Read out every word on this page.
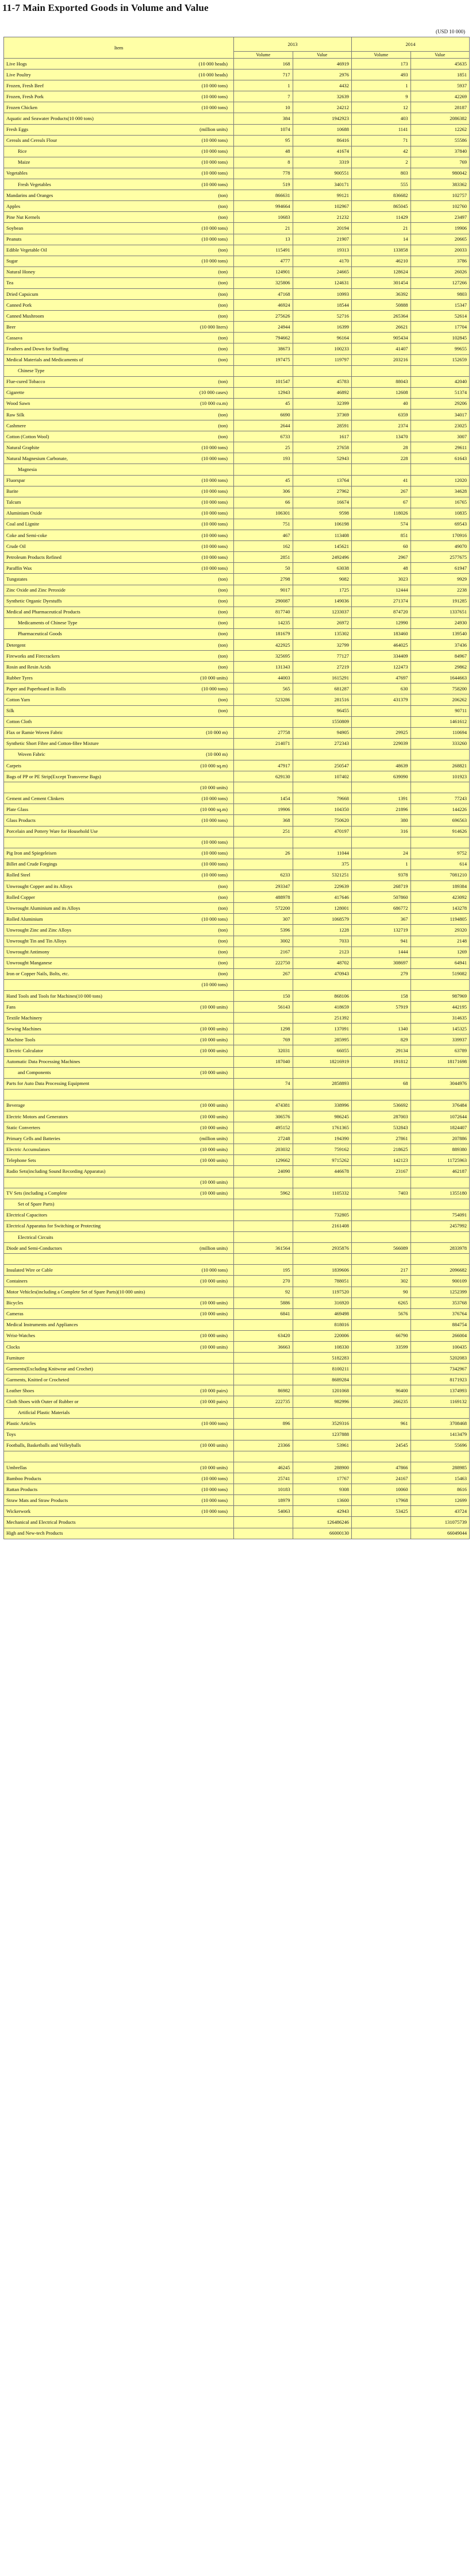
11-7 Main Exported Goods in Volume and Value
(USD 10 000)
Item	2013		2014	
	Volume	Value	Volume	Value
Live Hogs (10 000 heads)	168	46919	173	45635
Live Poultry (10 000 heads)	717	2976	493	1851
Frozen, Fresh Beef (10 000 tons)	1	4432	1	5937
Frozen, Fresh Pork (10 000 tons)	7	32639	9	42269
Frozen Chicken (10 000 tons)	10	24212	12	28187
Aquatic and Seawater Products(10 000 tons)	384	1942923	403	2086382
Fresh Eggs (million units)	1074	10688	1141	12262
Cereals and Cereals Flour (10 000 tons)	95	86416	71	55586
Rice (10 000 tons)	48	41674	42	37840
Maize (10 000 tons)	8	3319	2	769
Vegetables (10 000 tons)	778	900551	803	980042
Fresh Vegetables (10 000 tons)	519	340171	555	383362
Mandarins and Oranges (ton)	866631	99121	836682	102757
Apples (ton)	994664	102967	865045	102760
Pine Nut Kernels (ton)	10683	21232	11429	23497
Soybean (10 000 tons)	21	20194	21	19906
Peanuts (10 000 tons)	13	21907	14	20665
Edible Vegetable Oil (ton)	115491	19313	133858	20033
Sugar (10 000 tons)	4777	4170	46210	3786
Natural Honey (ton)	124901	24665	128624	26026
Tea (ton)	325806	124631	301454	127266
Dried Capsicum (ton)	47168	10993	36392	9803
Canned Pork (ton)	46924	18544	50888	15347
Canned Mushroom (ton)	275626	52716	265364	52614
Beer (10 000 liters)	24944	16399	26621	17704
Cassava (ton)	794662	96164	905434	102845
Feathers and Down for Stuffing (ton)	38673	100233	41407	99655
Medical Materials and Medicaments of (ton)	197475	119797	203216	152659
Chinese Type				
Flue-cured Tobacco (ton)	101547	45783	88043	42040
Cigarette (10 000 cases)	12943	46892	12608	51374
Wood Sawn (10 000 cu.m)	45	32399	40	29206
Raw Silk (ton)	6690	37369	6359	34017
Cashmere (ton)	2644	28591	2374	23025
Cotton (Cotton Wool) (ton)	6733	1617	13470	3007
Natural Graphite (10 000 tons)	25	27658	28	29611
Natural Magnesium Carbonate, (10 000 tons)	193	52943	228	61643
Magnesia				
Fluorspar (10 000 tons)	45	13764	41	12020
Barite (10 000 tons)	306	27962	267	34628
Talcum (10 000 tons)	66	16674	67	16765
Aluminium Oxide (10 000 tons)	106301	9598	118026	10835
Coal and Lignite (10 000 tons)	751	106198	574	69543
Coke and Semi-coke (10 000 tons)	467	113408	851	170916
Crude Oil (10 000 tons)	162	145621	60	49070
Petroleum Products Refined (10 000 tons)	2851	2492496	2967	2577675
Paraffin Wax (10 000 tons)	50	63038	48	61947
Tungstates (ton)	2798	9082	3023	9929
Zinc Oxide and Zinc Peroxide (ton)	9017	1725	12444	2238
Synthetic Organic Dyestuffs (ton)	290087	149036	271374	191285
Medical and Pharmaceutical Products (ton)	817740	1233037	874720	1337651
Medicaments of Chinese Type (ton)	14235	26972	12990	24930
Pharmaceutical Goods (ton)	181679	135302	183460	139540
Detergent (ton)	422925	32799	464025	37436
Fireworks and Firecrackers (ton)	325695	77127	334409	84967
Rosin and Resin Acids (ton)	131343	27219	122473	29862
Rubber Tyres (10 000 units)	44003	1615291	47697	1644663
Paper and Paperboard in Rolls (10 000 tons)	565	681287	630	758200
Cotton Yarn (ton)	523286	281516	431379	206262
Silk (ton)		96455		90711
Cotton Cloth		1550809		1461612
Flax or Ramie Woven Fabric (10 000 m)	27758	94905	29925	110694
Synthetic Short Fibre and Cotton-fibre Mixture	214071	272343	229039	333260
Woven Fabric (10 000 m)				

Carpets (10 000 sq.m)	47917	250547	48639	268821
Bags of PP or PE Strip(Except Transverse Bags)	629130	107402	639090	101923

(10 000 units)				

Cement and Cement Clinkers (10 000 tons)	1454	79668	1391	77243
Plate Glass (10 000 sq.m)	19906	104350	21896	144226
Glass Products (10 000 tons)	368	750620	380	696563
Porcelain and Pottery Ware for Household Use	251	470197	316	914626

(10 000 tons)				

Pig Iron and Spiegeleisen (10 000 tons)	26	11044	24	9752
Billet and Crude Forgings (10 000 tons)		375	1	614
Rolled Steel (10 000 tons)	6233	5321251	9378	7081210
Unwrought Copper and its Alloys (ton)	293347	229639	268719	189384
Rolled Copper (ton)	488978	417646	507860	423092
Unwrought Aluminium and its Alloys (ton)	572200	128001	686772	143278
Rolled Aluminium (10 000 tons)	307	1068579	367	1194805
Unwrought Zinc and Zinc Alloys (ton)	5396	1228	132719	29320
Unwrought Tin and Tin Alloys (ton)	3002	7033	941	2148
Unwrought Antimony (ton)	2167	2123	1444	1269
Unwrought Manganese (ton)	222750	48702	308697	64941
Iron or Copper Nails, Bolts, etc. (ton)	267	470943	279	519082

(10 000 tons)				

Hand Tools and Tools for Machines(10 000 tons)	150	868106	158	987969
Fans (10 000 units)	56143	418659	57919	442195
Textile Machinery		251392		314635
Sewing Machines (10 000 units)	1298	137091	1340	145325
Machine Tools (10 000 units)	769	285995	829	339937
Electric Calculator (10 000 units)	32031	66055	29134	63789
Automatic Data Processing Machines	187040	18216919	191812	18171698
and Components (10 000 units)				

Parts for Auto Data Processing Equipment	74	2858893	68	3044976

Beverage (10 000 units)	474381	338996	536692	376484
Electric Motors and Generators (10 000 units)	306576	986245	287003	1072644
Static Converters (10 000 units)	495152	1761365	532843	1824407
Primary Cells and Batteries (million units)	27248	194390	27861	207886
Electric Accumulators (10 000 units)	203032	759162	218625	889380
Telephone Sets (10 000 units)	129662	9715262	142123	11725963
Radio Sets(including Sound Recording Apparatus)	24090	446678	23167	462187

(10 000 units)				

TV Sets (including a Complete (10 000 units)	5962	1105332	7403	1355180
Set of Spare Parts)				
Electrical Capacitors		732805		754091
Electrical Apparatus for Switching or Protecting		2161408		2457992
Electrical Circuits				
Diode and Semi-Conductors (million units)	361564	2935876	566089	2833978

Insulated Wire or Cable (10 000 tons)	195	1839606	217	2096682
Containers (10 000 units)	270	788051	302	900109
Motor Vehicles(including a Complete Set of Spare Parts)(10 000 units)	92	1197520	90	1252399
Bicycles (10 000 units)	5886	316920	6265	353768
Cameras (10 000 units)	6841	469498	5676	376764
Medical Instruments and Appliances		818016		884754
Wrist-Watches (10 000 units)	63420	220006	66790	266004
Clocks (10 000 units)	36663	108330	33599	100435
Furniture		5182283		5202083
Garments(Excluding Knitwear and Crochet)		8100211		7342967
Garments, Knitted or Crocheted		8689284		8171923
Leather Shoes (10 000 pairs)	86982	1201068	96400	1374993
Cloth Shoes with Outer of Rubber or (10 000 pairs)	222735	982996	266235	1169132
Artificial Plastic Materials				
Plastic Articles (10 000 tons)	896	3529316	961	3708468
Toys		1237888		1413479
Footballs, Basketballs and Volleyballs (10 000 units)	23366	53961	24545	55696

Umbrellas (10 000 units)	46245	288900	47866	288985
Bamboo Products (10 000 tons)	25741	17767	24167	15463
Rattan Products (10 000 tons)	10183	9308	10060	8616
Straw Mats and Straw Products (10 000 tons)	18979	13600	17968	12699
Wickerwork (10 000 tons)	54063	42943	53425	43724
Mechanical and Electrical Products		126486246		131075739
High and New-tech Products		66000130		66049044
